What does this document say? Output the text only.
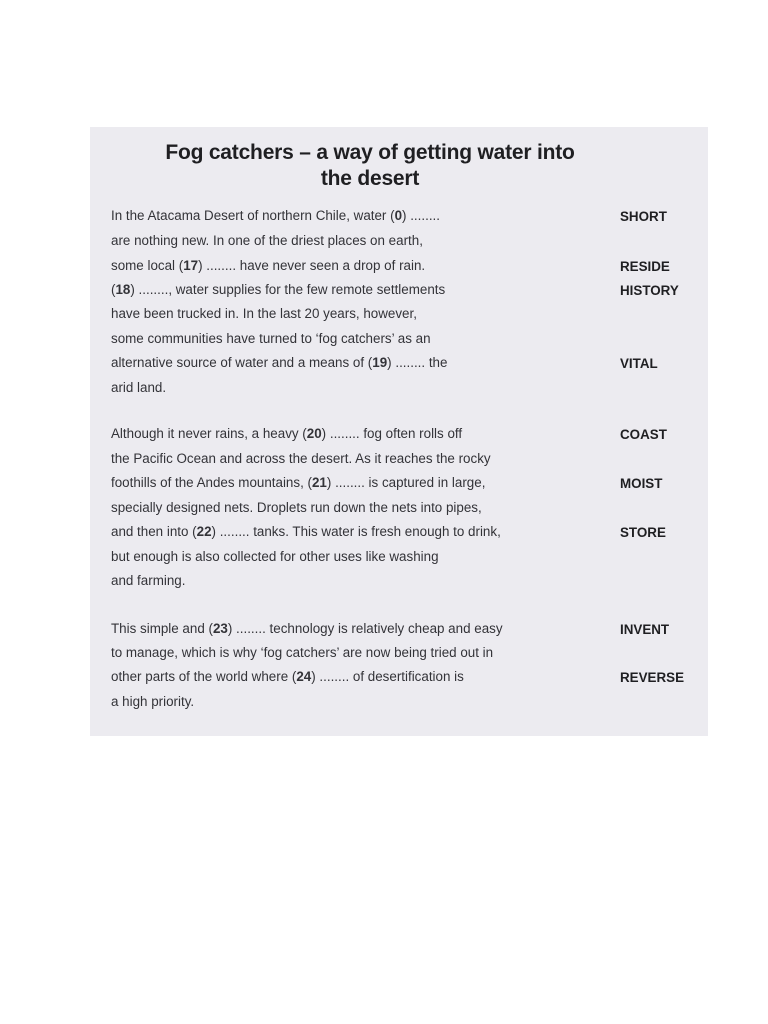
Fog catchers – a way of getting water into
the desert
In the Atacama Desert of northern Chile, water (0) ........
are nothing new. In one of the driest places on earth,
some local (17) ........ have never seen a drop of rain.
(18) ........, water supplies for the few remote settlements
have been trucked in. In the last 20 years, however,
some communities have turned to ‘fog catchers’ as an
alternative source of water and a means of (19) ........ the
arid land.
Although it never rains, a heavy (20) ........ fog often rolls off
the Pacific Ocean and across the desert. As it reaches the rocky
foothills of the Andes mountains, (21) ........ is captured in large,
specially designed nets. Droplets run down the nets into pipes,
and then into (22) ........ tanks. This water is fresh enough to drink,
but enough is also collected for other uses like washing
and farming.
This simple and (23) ........ technology is relatively cheap and easy
to manage, which is why ‘fog catchers’ are now being tried out in
other parts of the world where (24) ........ of desertification is
a high priority.
SHORT
RESIDE
HISTORY
VITAL
COAST
MOIST
STORE
INVENT
REVERSE
